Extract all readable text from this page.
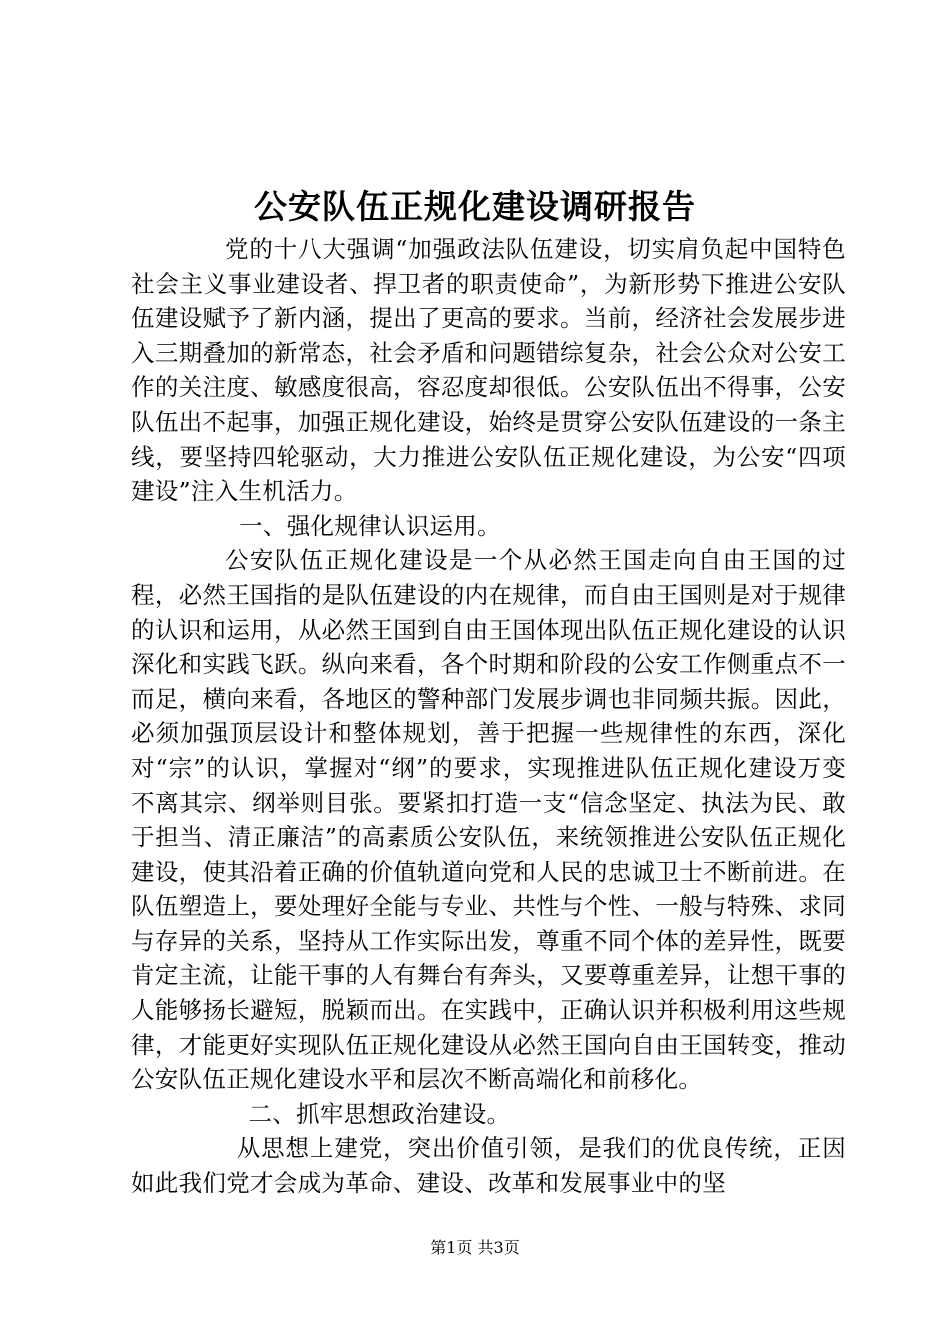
公安队伍正规化建设调研报告

党的十八大强调“加强政法队伍建设，切实肩负起中国特色社会主义事业建设者、捍卫者的职责使命”，为新形势下推进公安队伍建设赋予了新内涵，提出了更高的要求。当前，经济社会发展步进入三期叠加的新常态，社会矛盾和问题错综复杂，社会公众对公安工作的关注度、敏感度很高，容忍度却很低。公安队伍出不得事，公安队伍出不起事，加强正规化建设，始终是贯穿公安队伍建设的一条主线，要坚持四轮驱动，大力推进公安队伍正规化建设，为公安“四项建设”注入生机活力。

一、强化规律认识运用。

公安队伍正规化建设是一个从必然王国走向自由王国的过程，必然王国指的是队伍建设的内在规律，而自由王国则是对于规律的认识和运用，从必然王国到自由王国体现出队伍正规化建设的认识深化和实践飞跃。纵向来看，各个时期和阶段的公安工作侧重点不一而足，横向来看，各地区的警种部门发展步调也非同频共振。因此，必须加强顶层设计和整体规划，善于把握一些规律性的东西，深化对“宗”的认识，掌握对“纲”的要求，实现推进队伍正规化建设万变不离其宗、纲举则目张。要紧扣打造一支“信念坚定、执法为民、敢于担当、清正廉洁”的高素质公安队伍，来统领推进公安队伍正规化建设，使其沿着正确的价值轨道向党和人民的忠诚卫士不断前进。在队伍塑造上，要处理好全能与专业、共性与个性、一般与特殊、求同与存异的关系，坚持从工作实际出发，尊重不同个体的差异性，既要肯定主流，让能干事的人有舞台有奔头，又要尊重差异，让想干事的人能够扬长避短，脱颖而出。在实践中，正确认识并积极利用这些规律，才能更好实现队伍正规化建设从必然王国向自由王国转变，推动公安队伍正规化建设水平和层次不断高端化和前移化。

二、抓牢思想政治建设。

从思想上建党，突出价值引领，是我们的优良传统，正因如此我们党才会成为革命、建设、改革和发展事业中的坚

第1页 共3页
